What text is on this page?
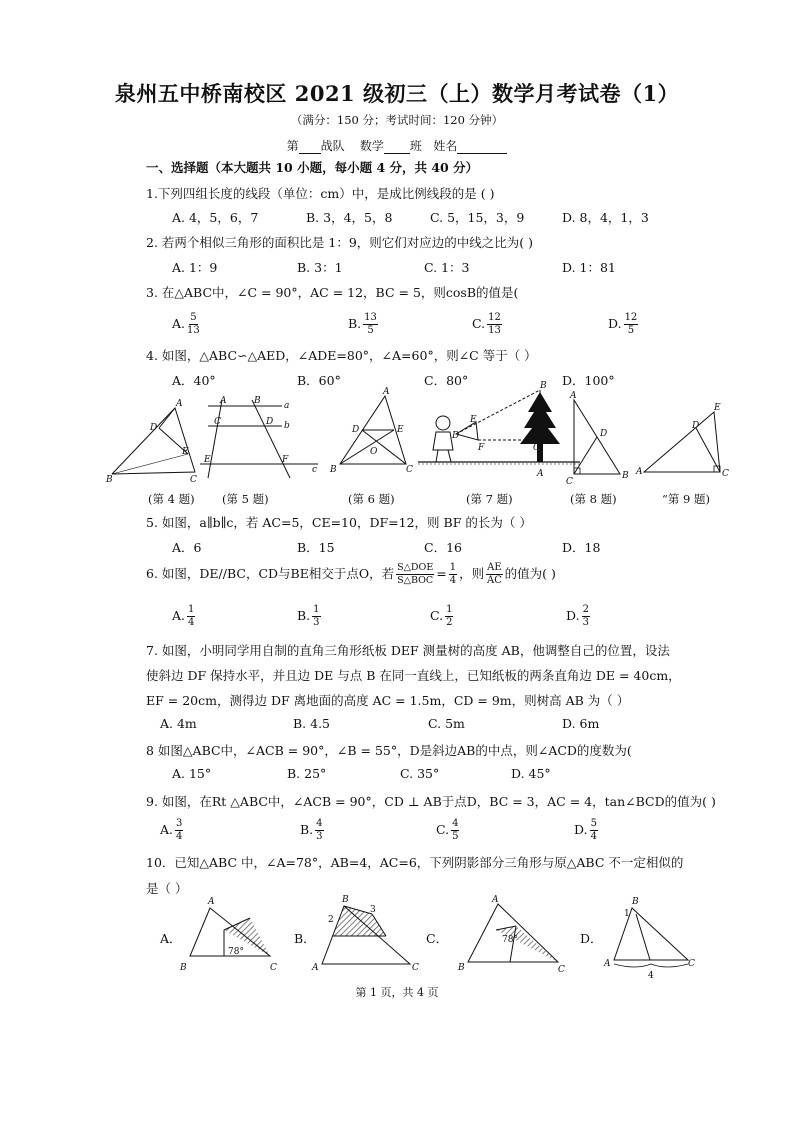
泉州五中桥南校区 2021 级初三（上）数学月考试卷（1）
（满分：150 分；考试时间：120 分钟）
第 战队 数学 班 姓名
一、选择题（本大题共 10 小题，每小题 4 分，共 40 分）
1.下列四组长度的线段（单位：cm）中，是成比例线段的是 ( )
A. 4，5，6，7	B. 3，4，5，8	C. 5，15，3，9	D. 8，4，1，3
2. 若两个相似三角形的面积比是 1：9，则它们对应边的中线之比为( )
A. 1：9	B. 3：1	C. 1：3	D. 1：81
3. 在△ABC中，∠C = 90°，AC = 12，BC = 5，则cosB的值是(
A. $\frac{5}{13}$	B. $\frac{13}{5}$	C. $\frac{12}{13}$	D. $\frac{12}{5}$
4. 如图，△ABC∽△AED，∠ADE=80°，∠A=60°，则∠C 等于（ ）
A．40°	B．60°	C．80°	D．100°
A
D
E
B	C
A	B	a
C	D b
E	F
c
A
D	E
O
B	C
B
E
D
F	C
A
A
D
B
C
E
A
D
C
(第 4 题) (第 5 题)	(第 6 题)	(第 7 题)	(第 8 题)	“第 9 题)
5. 如图，a∥b∥c，若 AC=5，CE=10，DF=12，则 BF 的长为（ ）
A．6	B．15	C．16	D．18
6. 如图，DE//BC，CD与BE相交于点O，若 S△DOE
S△BOC = $\frac{1}{4}$ ，则 $\frac{AE}{AC}$ 的值为( )
A. $\frac{1}{4}$	B. $\frac{1}{3}$	C. $\frac{1}{2}$	D. $\frac{2}{3}$
7. 如图，小明同学用自制的直角三角形纸板 DEF 测量树的高度 AB，他调整自己的位置，设法
使斜边 DF 保持水平，并且边 DE 与点 B 在同一直线上，已知纸板的两条直角边 DE = 40cm，
EF = 20cm，测得边 DF 离地面的高度 AC = 1.5m，CD = 9m，则树高 AB 为（ ）
A. 4m	B. 4.5	C. 5m	D. 6m
8 如图△ABC中，∠ACB = 90°，∠B = 55°，D是斜边AB的中点，则∠ACD的度数为(
A. 15°	B. 25°	C. 35°	D. 45°
9. 如图，在Rt △ABC中，∠ACB = 90°，CD ⊥ AB于点D，BC = 3，AC = 4，tan∠BCD的值为( )
A. $\frac{3}{4}$	B. $\frac{4}{3}$	C. $\frac{4}{5}$	D. $\frac{5}{4}$
10．已知△ABC 中，∠A=78°，AB=4，AC=6，下列阴影部分三角形与原△ABC 不一定相似的
是（ ）
A．	B．	C．	D．
A
B	C
78°
B
2
3
A	C
A
78°
B	C
1
B
A	C
4
第 1 页，共 4 页
